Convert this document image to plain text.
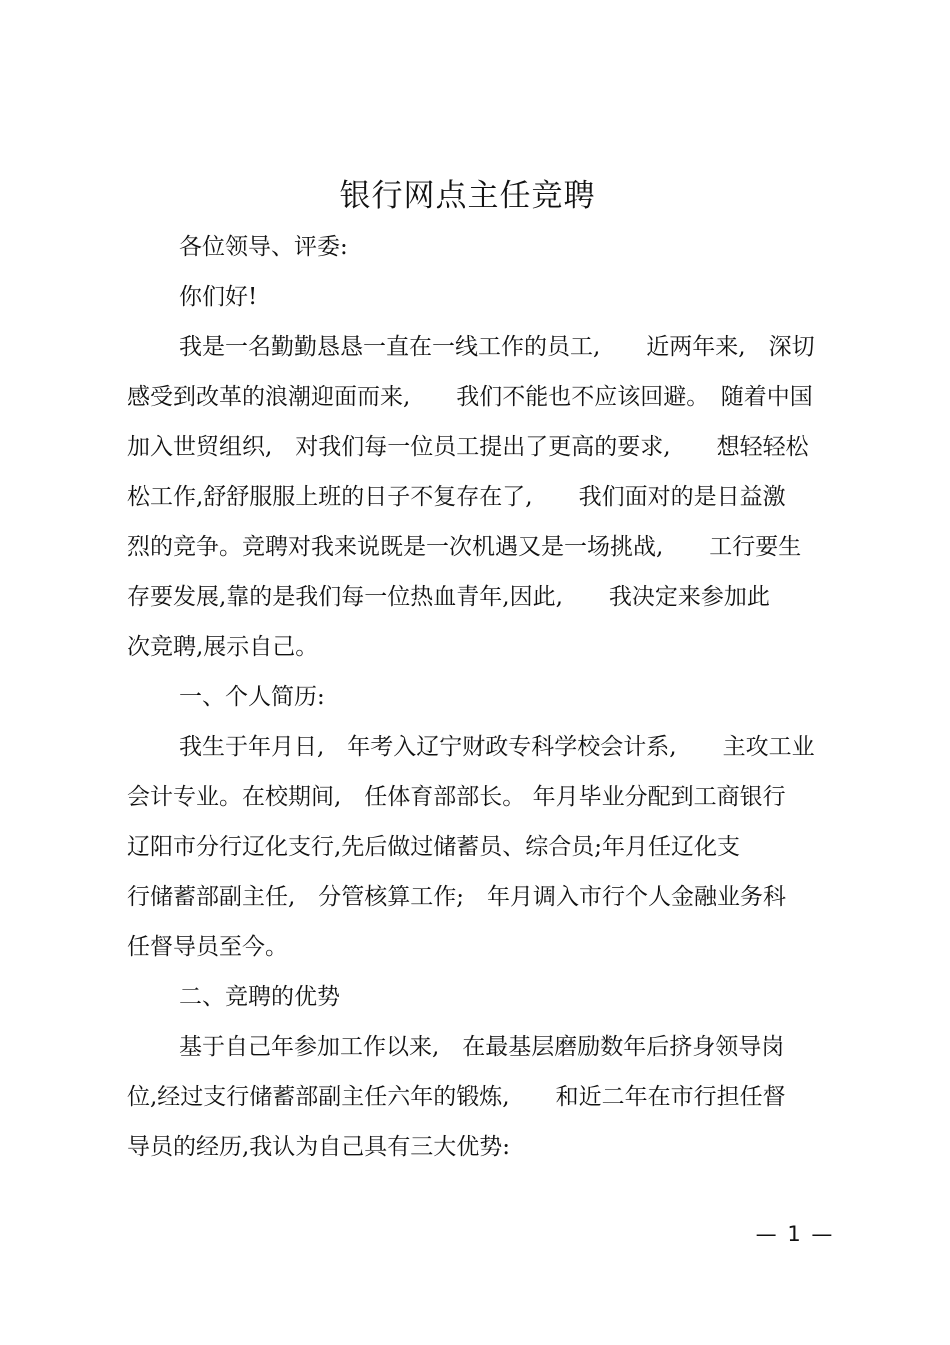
银行网点主任竞聘
各位领导、评委:
你们好!
我是一名勤勤恳恳一直在一线工作的员工,　　近两年来,　深切
感受到改革的浪潮迎面而来,　　我们不能也不应该回避。　随着中国
加入世贸组织,　对我们每一位员工提出了更高的要求,　　想轻轻松
松工作,舒舒服服上班的日子不复存在了,　　我们面对的是日益激
烈的竞争。竞聘对我来说既是一次机遇又是一场挑战,　　工行要生
存要发展,靠的是我们每一位热血青年,因此,　　我决定来参加此
次竞聘,展示自己。
一、个人简历:
我生于年月日,　年考入辽宁财政专科学校会计系,　　主攻工业
会计专业。在校期间,　任体育部部长。 年月毕业分配到工商银行
辽阳市分行辽化支行,先后做过储蓄员、综合员;年月任辽化支
行储蓄部副主任,　分管核算工作;　年月调入市行个人金融业务科
任督导员至今。
二、竞聘的优势
基于自己年参加工作以来,　在最基层磨励数年后挤身领导岗
位,经过支行储蓄部副主任六年的锻炼,　　和近二年在市行担任督
导员的经历,我认为自己具有三大优势:
— 1 —
